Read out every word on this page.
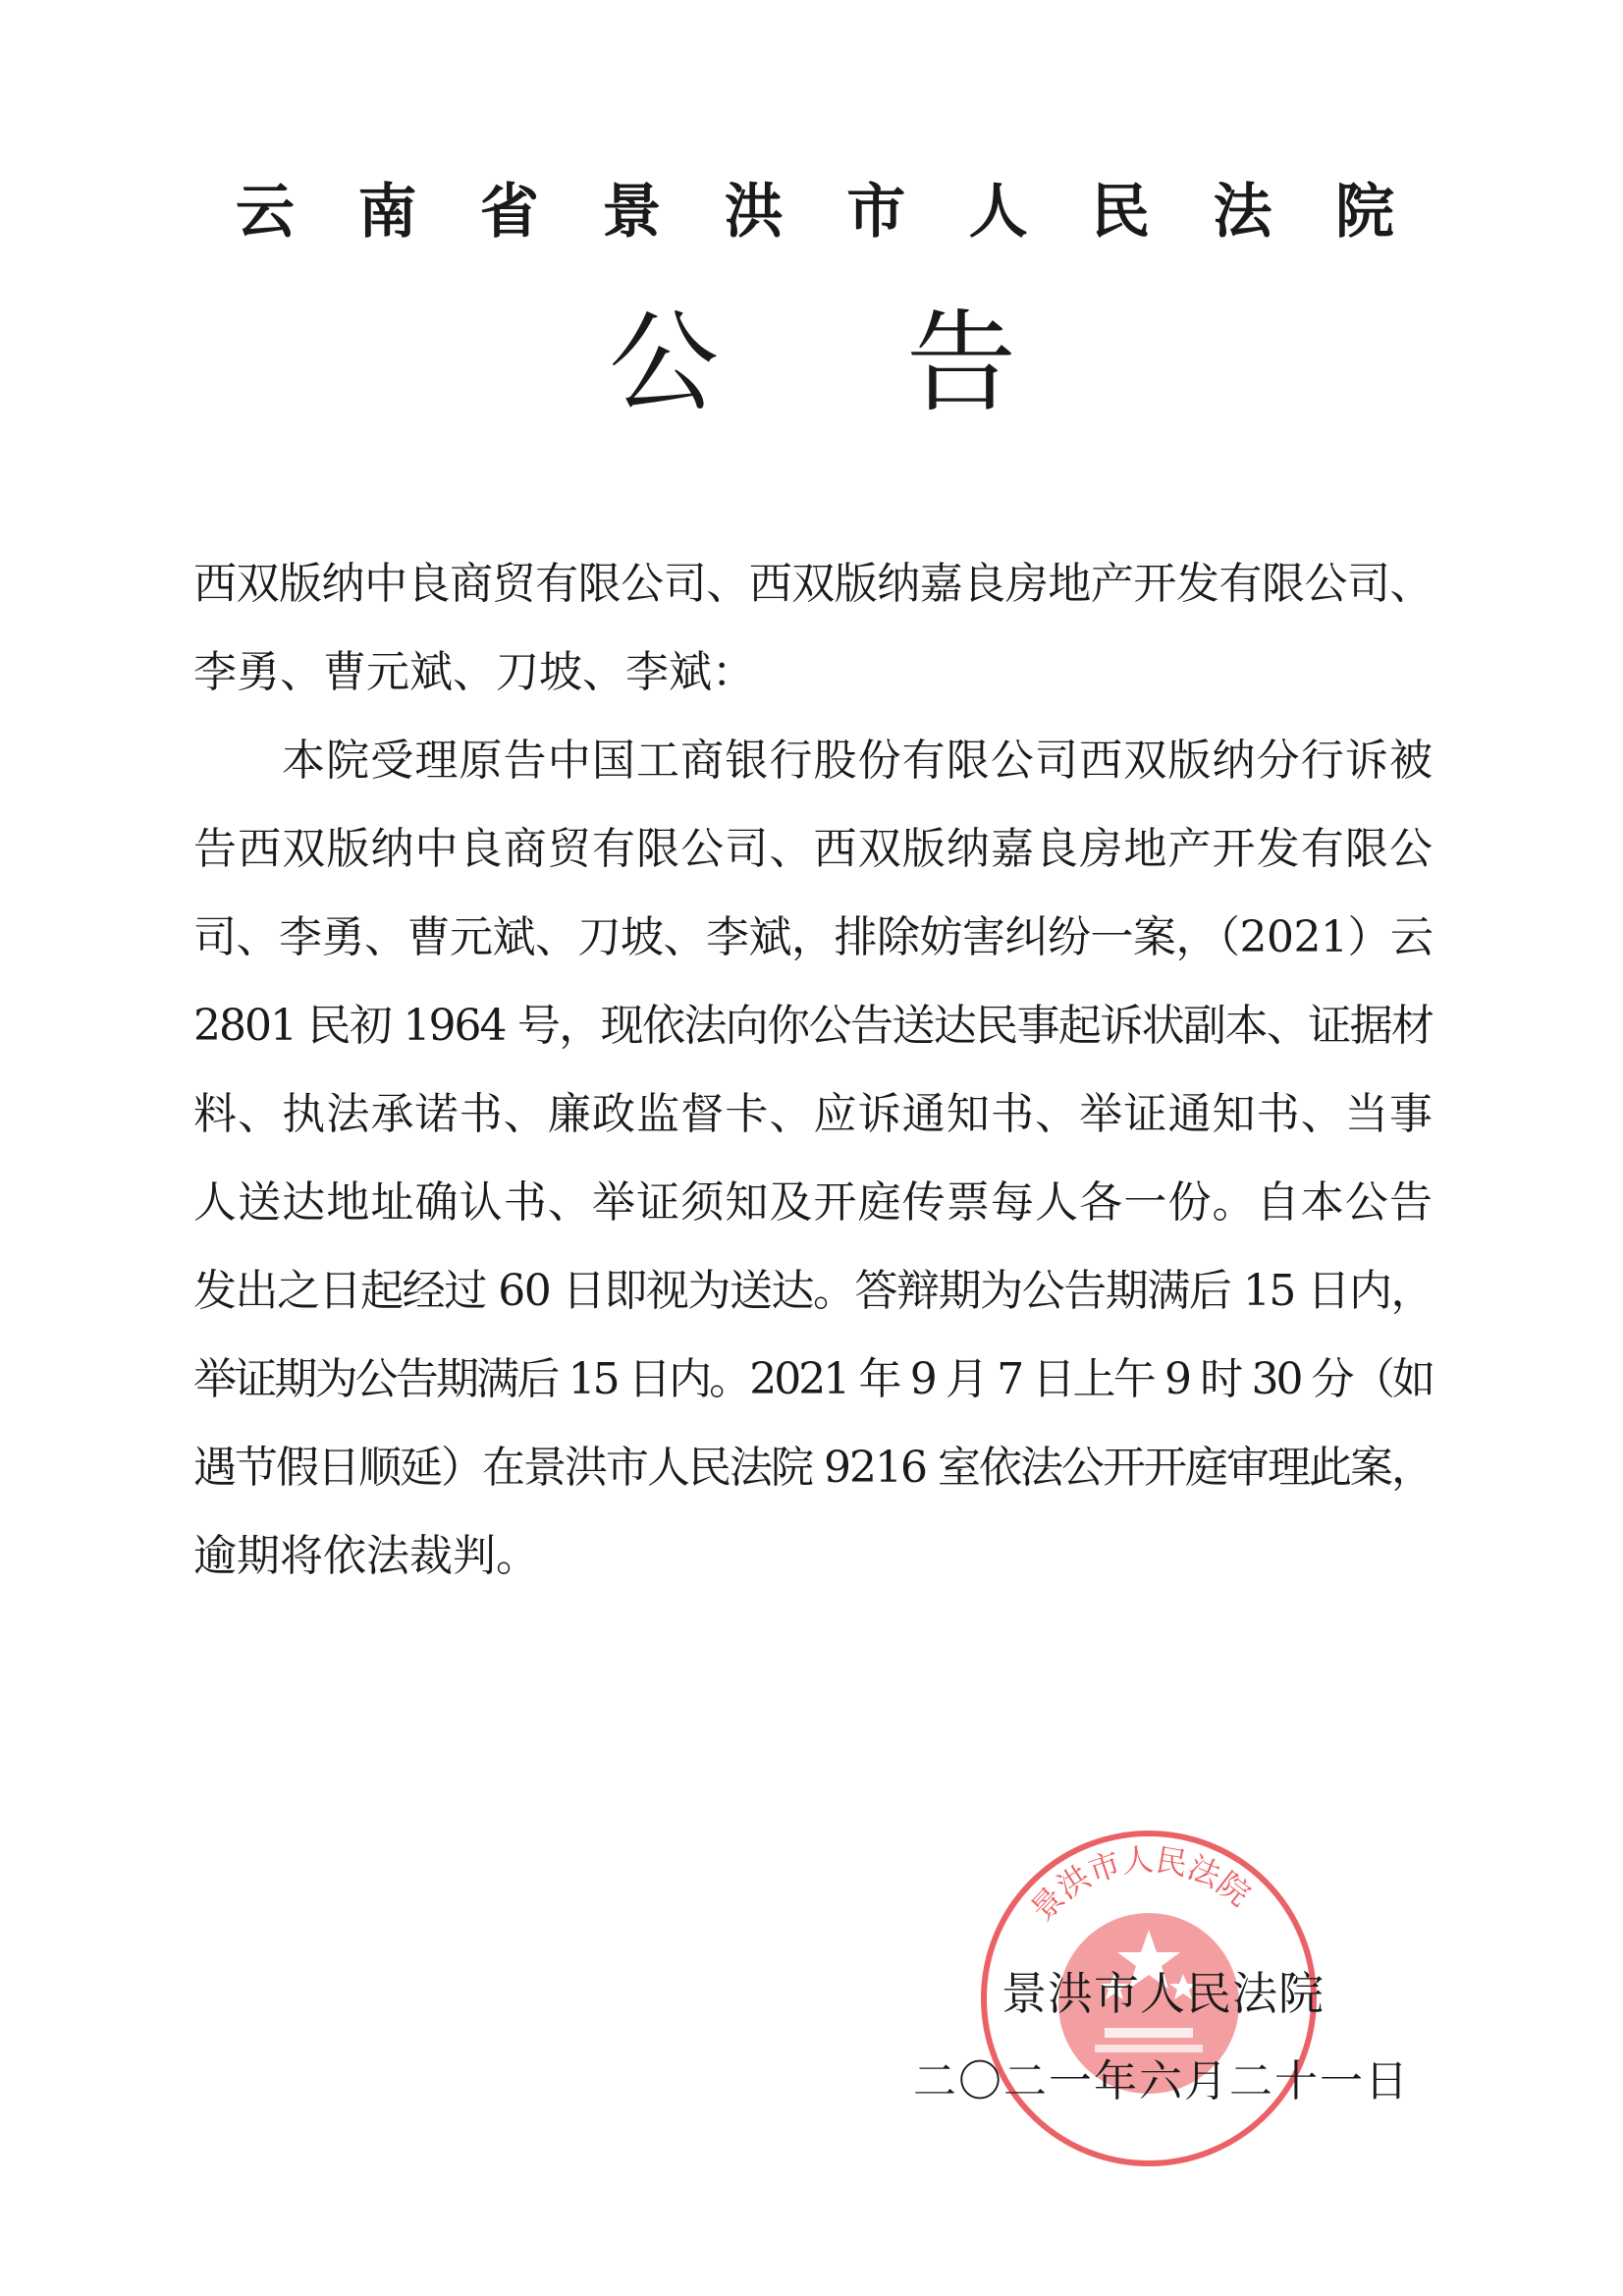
云 南 省 景 洪 市 人 民 法 院
公 告
西双版纳中良商贸有限公司、西双版纳嘉良房地产开发有限公司、
李勇、曹元斌、刀坡、李斌：
本院受理原告中国工商银行股份有限公司西双版纳分行诉被
告西双版纳中良商贸有限公司、西双版纳嘉良房地产开发有限公
司、李勇、曹元斌、刀坡、李斌，排除妨害纠纷一案，（2021）云
2801 民初 1964 号，现依法向你公告送达民事起诉状副本、证据材
料、执法承诺书、廉政监督卡、应诉通知书、举证通知书、当事
人送达地址确认书、举证须知及开庭传票每人各一份。自本公告
发出之日起经过 60 日即视为送达。答辩期为公告期满后 15 日内，
举证期为公告期满后 15 日内。2021 年 9 月 7 日上午 9 时 30 分（如
遇节假日顺延）在景洪市人民法院 9216 室依法公开开庭审理此案，
逾期将依法裁判。
景洪市人民法院
景洪市人民法院
二〇二一年六月二十一日
